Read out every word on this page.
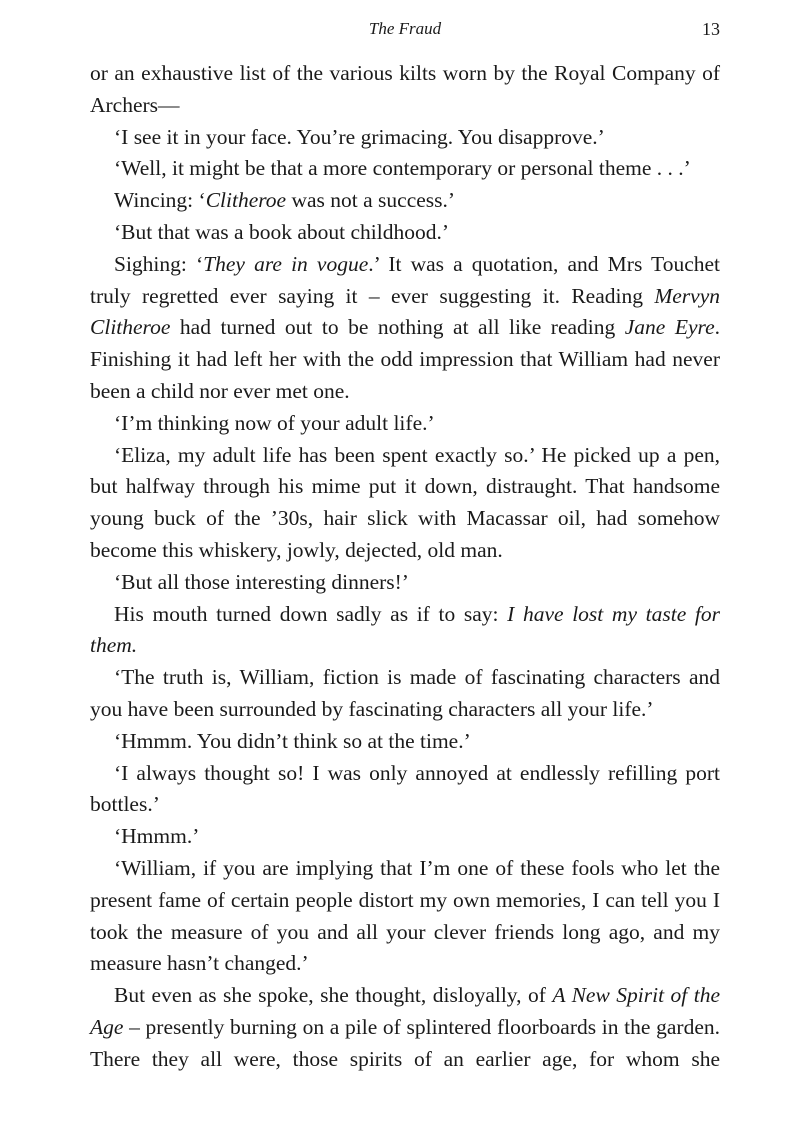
The Fraud	13

or an exhaustive list of the various kilts worn by the Royal Company of Archers—

‘I see it in your face. You’re grimacing. You disapprove.’

‘Well, it might be that a more contemporary or personal theme . . .’

Wincing: ‘Clitheroe was not a success.’

‘But that was a book about childhood.’

Sighing: ‘They are in vogue.’ It was a quotation, and Mrs Touchet truly regretted ever saying it – ever suggesting it. Reading Mervyn Clitheroe had turned out to be nothing at all like reading Jane Eyre. Finishing it had left her with the odd impression that William had never been a child nor ever met one.

‘I’m thinking now of your adult life.’

‘Eliza, my adult life has been spent exactly so.’ He picked up a pen, but halfway through his mime put it down, distraught. That handsome young buck of the ’30s, hair slick with Macassar oil, had somehow become this whiskery, jowly, dejected, old man.

‘But all those interesting dinners!’

His mouth turned down sadly as if to say: I have lost my taste for them.

‘The truth is, William, fiction is made of fascinating characters and you have been surrounded by fascinating characters all your life.’

‘Hmmm. You didn’t think so at the time.’

‘I always thought so! I was only annoyed at endlessly refilling port bottles.’

‘Hmmm.’

‘William, if you are implying that I’m one of these fools who let the present fame of certain people distort my own memories, I can tell you I took the measure of you and all your clever friends long ago, and my measure hasn’t changed.’

But even as she spoke, she thought, disloyally, of A New Spirit of the Age – presently burning on a pile of splintered floorboards in the garden. There they all were, those spirits of an earlier age, for whom she
